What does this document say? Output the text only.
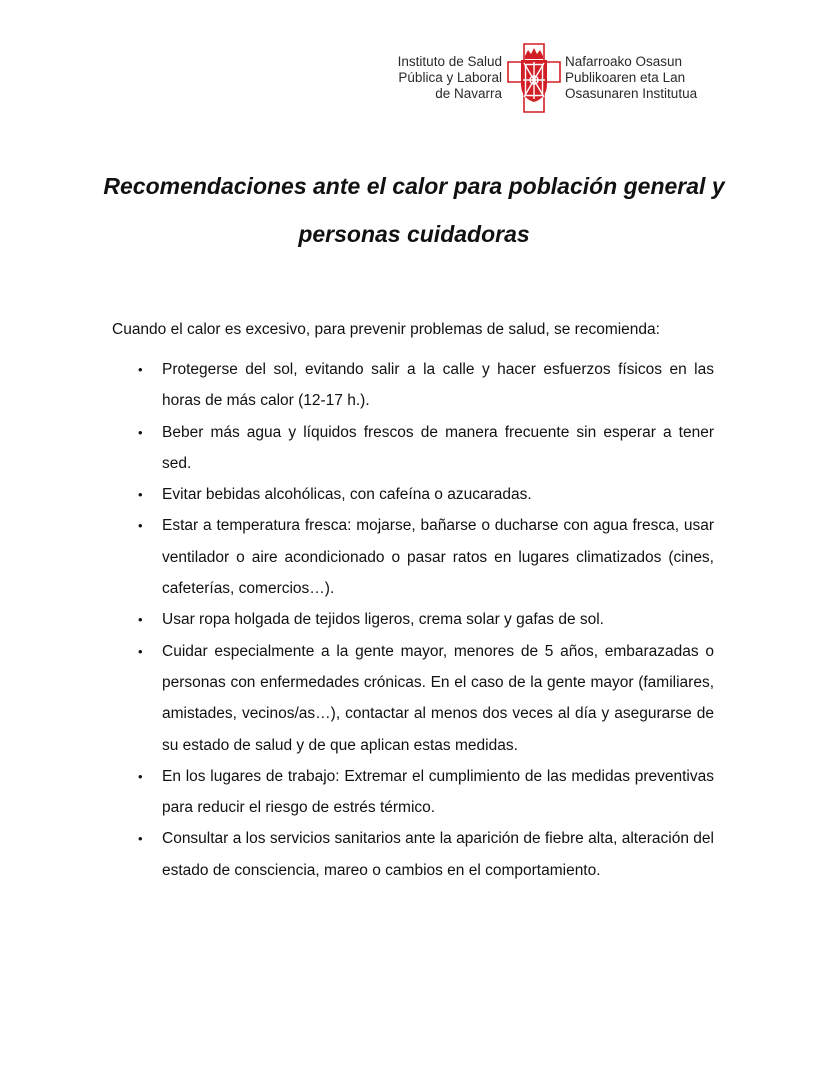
Instituto de Salud
Pública y Laboral
de Navarra
Nafarroako Osasun
Publikoaren eta Lan
Osasunaren Institutua
Recomendaciones ante el calor para población general y
personas cuidadoras

Cuando el calor es excesivo, para prevenir problemas de salud, se recomienda:

• Protegerse del sol, evitando salir a la calle y hacer esfuerzos físicos en las horas de más calor (12-17 h.).
• Beber más agua y líquidos frescos de manera frecuente sin esperar a tener sed.
• Evitar bebidas alcohólicas, con cafeína o azucaradas.
• Estar a temperatura fresca: mojarse, bañarse o ducharse con agua fresca, usar ventilador o aire acondicionado o pasar ratos en lugares climatizados (cines, cafeterías, comercios…).
• Usar ropa holgada de tejidos ligeros, crema solar y gafas de sol.
• Cuidar especialmente a la gente mayor, menores de 5 años, embarazadas o personas con enfermedades crónicas. En el caso de la gente mayor (familiares, amistades, vecinos/as…), contactar al menos dos veces al día y asegurarse de su estado de salud y de que aplican estas medidas.
• En los lugares de trabajo: Extremar el cumplimiento de las medidas preventivas para reducir el riesgo de estrés térmico.
• Consultar a los servicios sanitarios ante la aparición de fiebre alta, alteración del estado de consciencia, mareo o cambios en el comportamiento.
